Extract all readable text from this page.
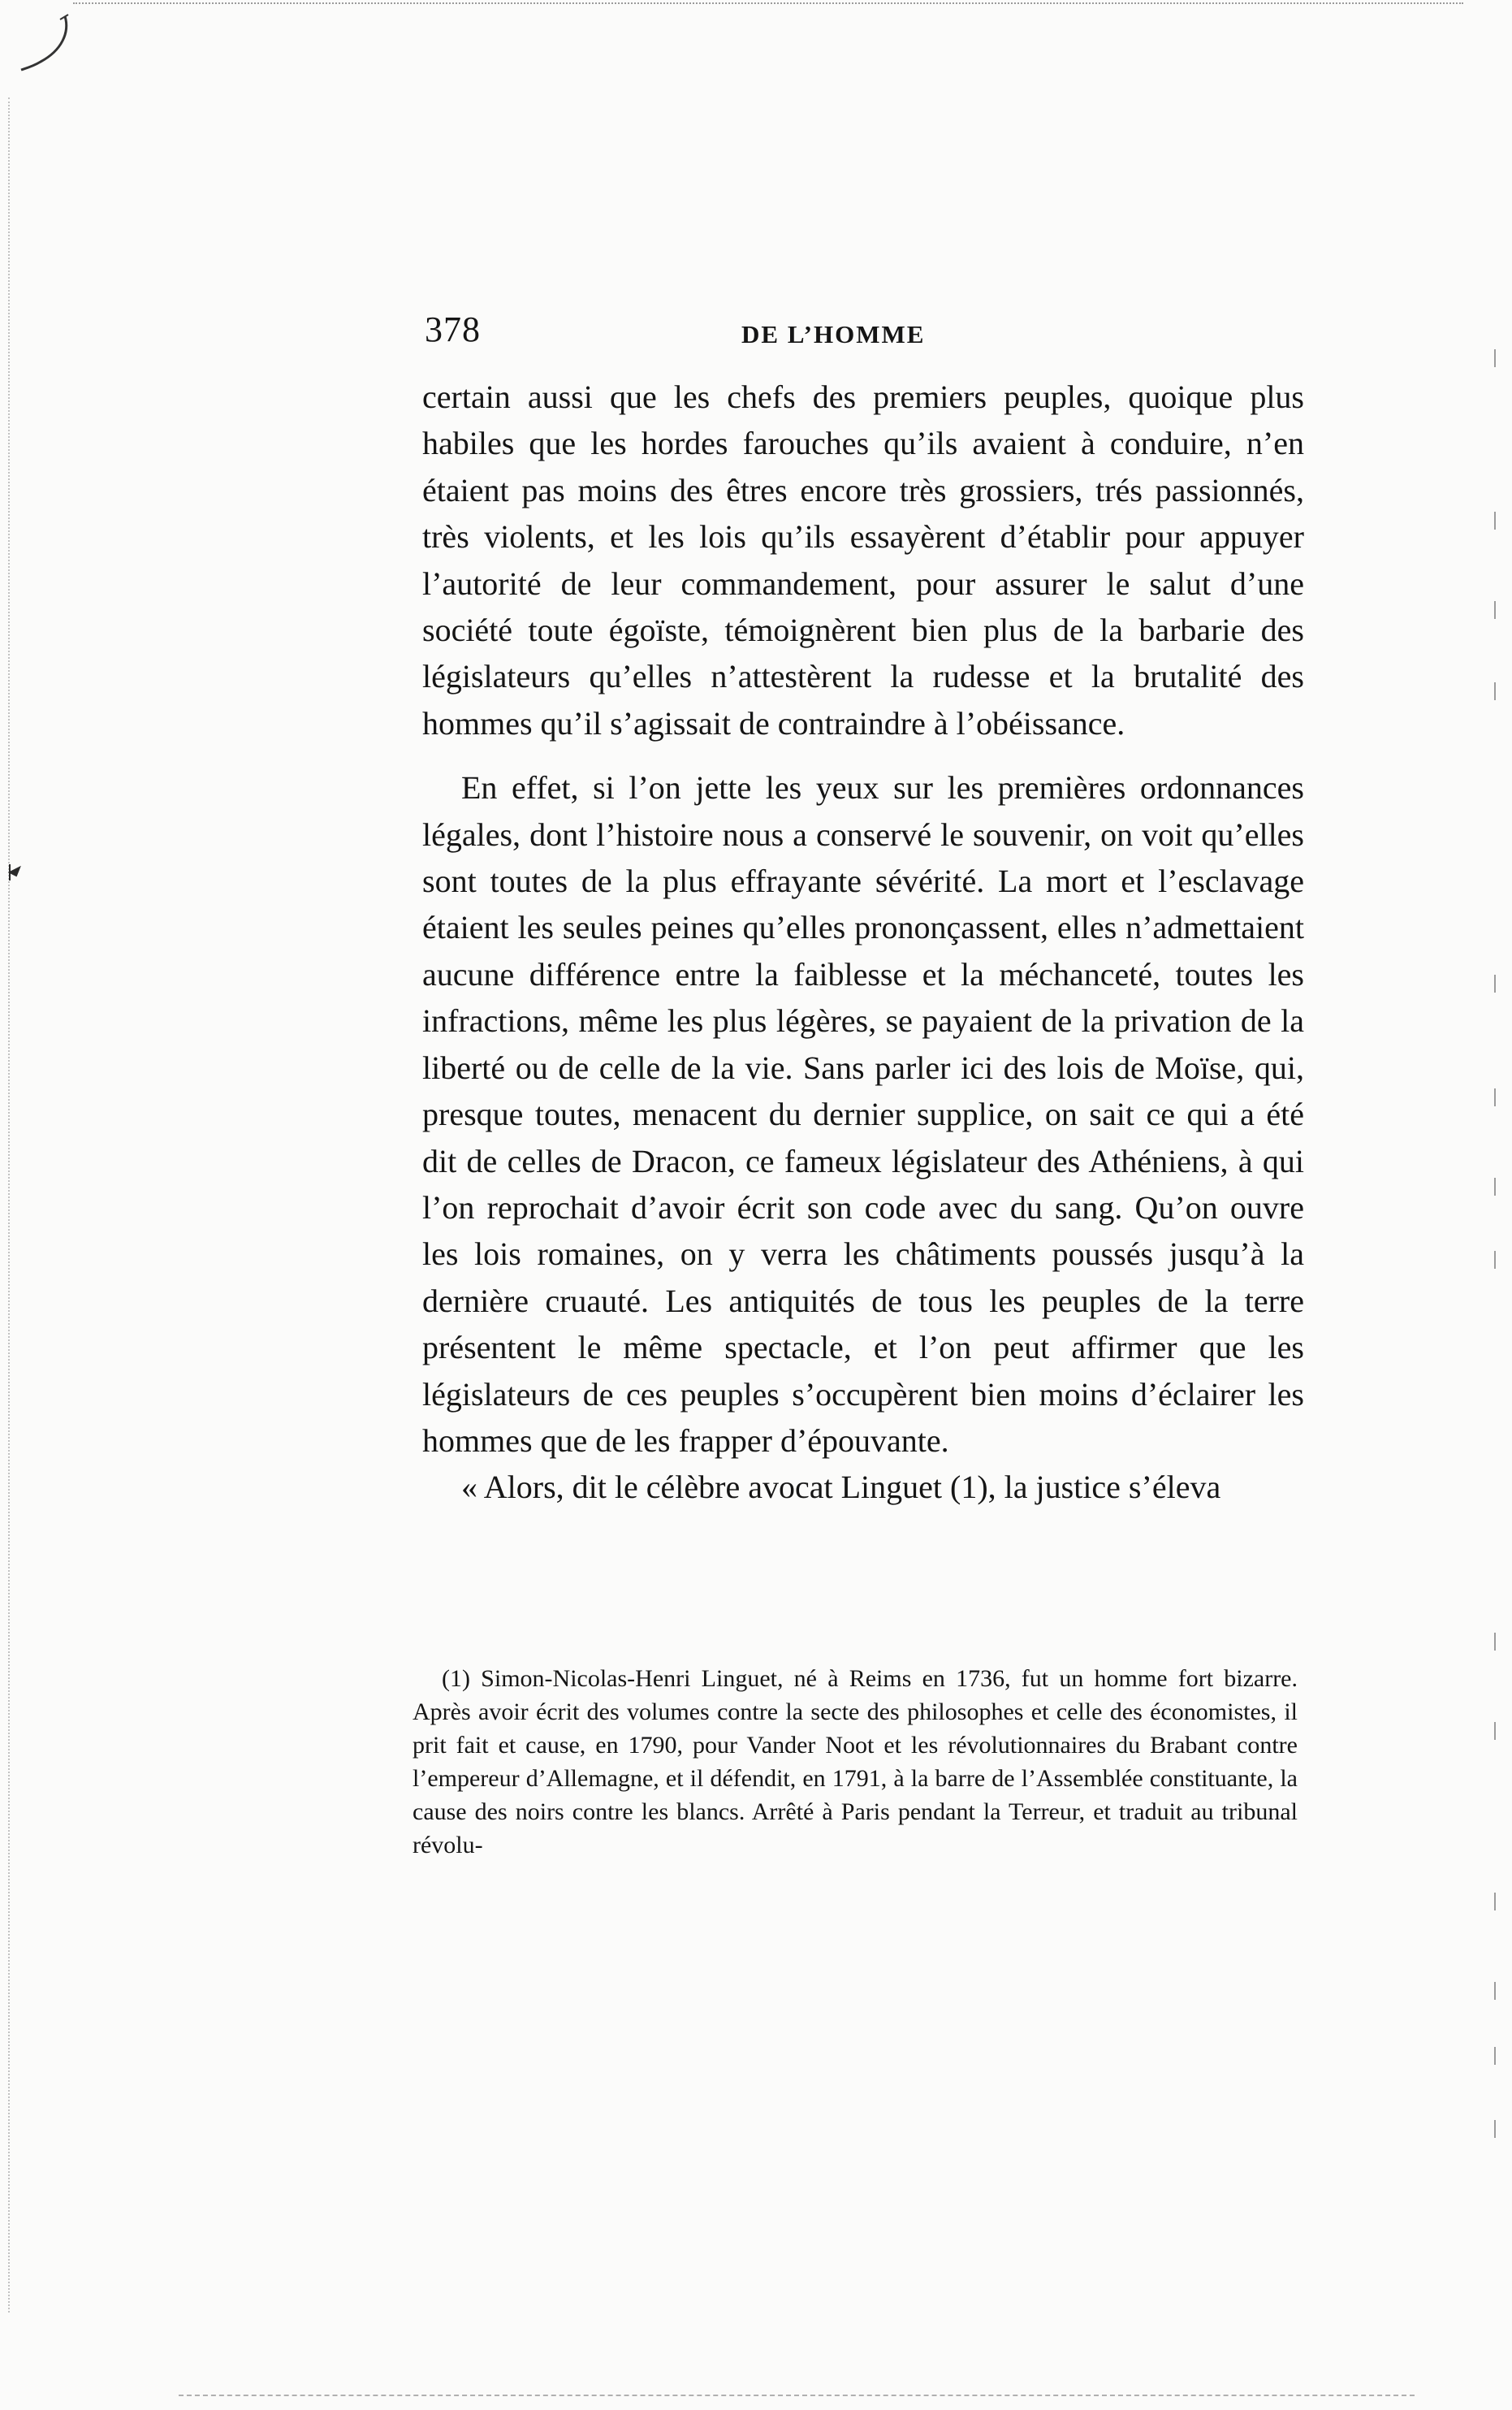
378	DE L’HOMME

certain aussi que les chefs des premiers peuples, quoique plus habiles que les hordes farouches qu’ils avaient à conduire, n’en étaient pas moins des êtres encore très grossiers, trés passionnés, très violents, et les lois qu’ils essayèrent d’établir pour appuyer l’autorité de leur commandement, pour assurer le salut d’une société toute égoïste, témoignèrent bien plus de la barbarie des législateurs qu’elles n’attestèrent la rudesse et la brutalité des hommes qu’il s’agissait de contraindre à l’obéissance.

En effet, si l’on jette les yeux sur les premières ordonnances légales, dont l’histoire nous a conservé le souvenir, on voit qu’elles sont toutes de la plus effrayante sévérité. La mort et l’esclavage étaient les seules peines qu’elles prononçassent, elles n’admettaient aucune différence entre la faiblesse et la méchanceté, toutes les infractions, même les plus légères, se payaient de la privation de la liberté ou de celle de la vie. Sans parler ici des lois de Moïse, qui, presque toutes, menacent du dernier supplice, on sait ce qui a été dit de celles de Dracon, ce fameux législateur des Athéniens, à qui l’on reprochait d’avoir écrit son code avec du sang. Qu’on ouvre les lois romaines, on y verra les châtiments poussés jusqu’à la dernière cruauté. Les antiquités de tous les peuples de la terre présentent le même spectacle, et l’on peut affirmer que les législateurs de ces peuples s’occupèrent bien moins d’éclairer les hommes que de les frapper d’épouvante.

« Alors, dit le célèbre avocat Linguet (1), la justice s’éleva

(1) Simon-Nicolas-Henri Linguet, né à Reims en 1736, fut un homme fort bizarre. Après avoir écrit des volumes contre la secte des philosophes et celle des économistes, il prit fait et cause, en 1790, pour Vander Noot et les révolutionnaires du Brabant contre l’empereur d’Allemagne, et il défendit, en 1791, à la barre de l’Assemblée constituante, la cause des noirs contre les blancs. Arrêté à Paris pendant la Terreur, et traduit au tribunal révolu-
